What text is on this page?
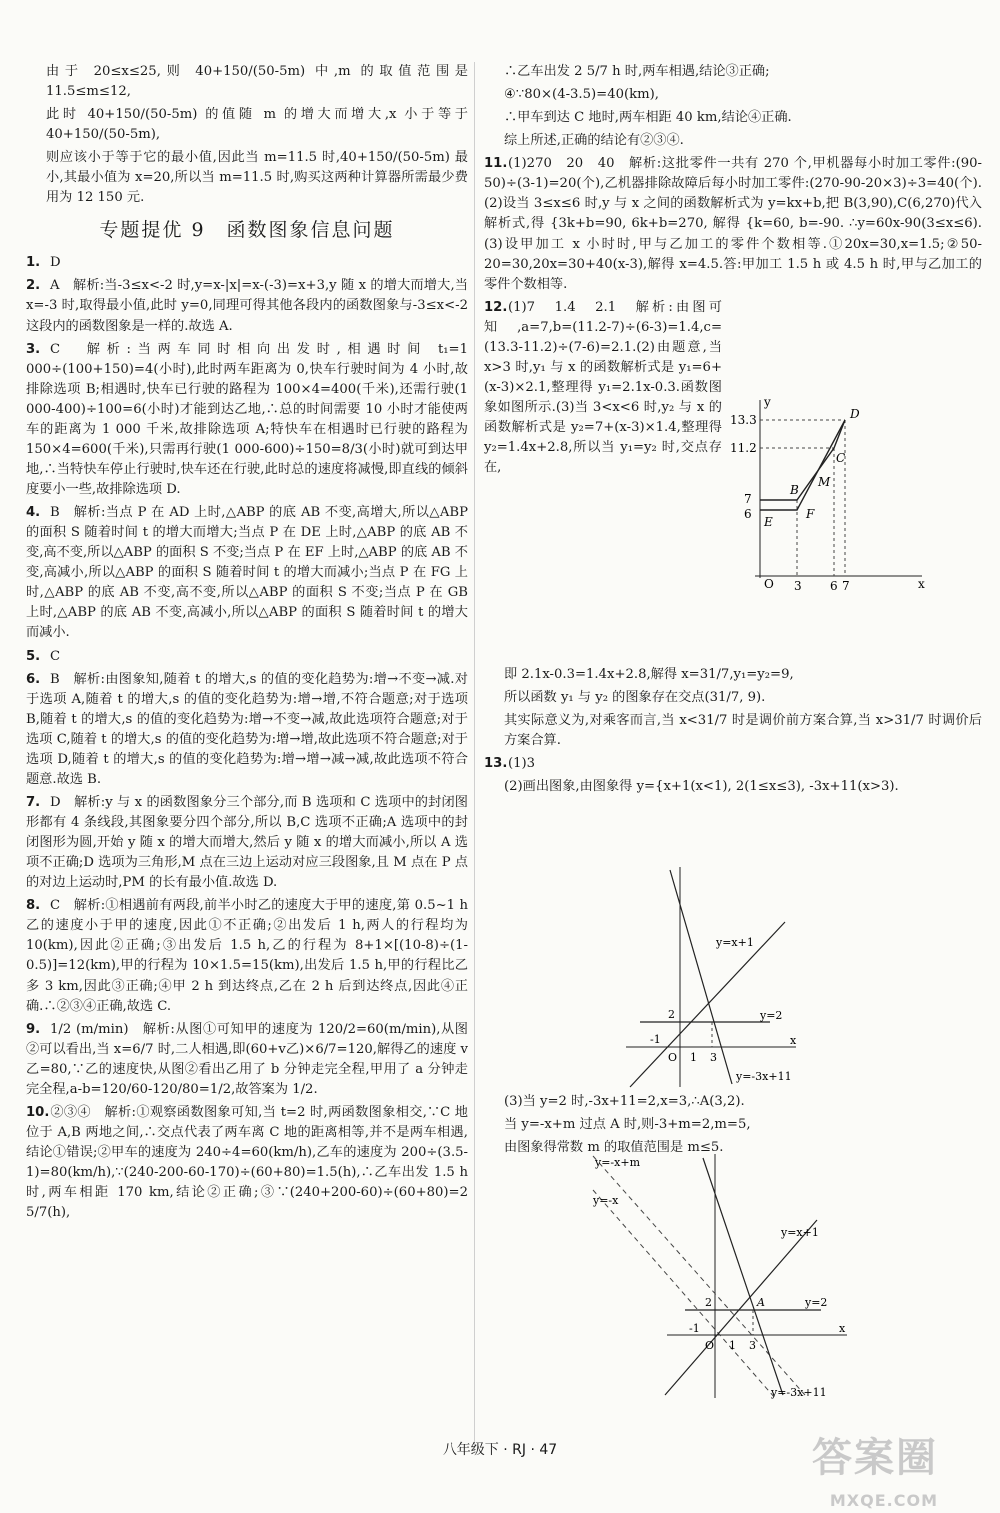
由于 20≤x≤25,则 40+150/(50-5m) 中,m 的取值范围是 11.5≤m≤12,

此时 40+150/(50-5m) 的值随 m 的增大而增大,x 小于等于 40+150/(50-5m),

则应该小于等于它的最小值,因此当 m=11.5 时,40+150/(50-5m) 最小,其最小值为 x=20,所以当 m=11.5 时,购买这两种计算器所需最少费用为 12 150 元.

专题提优 9　函数图象信息问题

1. D

2. A　解析:当-3≤x<-2 时,y=x-|x|=x-(-3)=x+3,y 随 x 的增大而增大,当 x=-3 时,取得最小值,此时 y=0,同理可得其他各段内的函数图象与-3≤x<-2 这段内的函数图象是一样的.故选 A.

3. C　解析:当两车同时相向出发时,相遇时间 t₁=1 000÷(100+150)=4(小时),此时两车距离为 0,快车行驶时间为 4 小时,故排除选项 B;相遇时,快车已行驶的路程为 100×4=400(千米),还需行驶(1 000-400)÷100=6(小时)才能到达乙地,∴总的时间需要 10 小时才能使两车的距离为 1 000 千米,故排除选项 A;特快车在相遇时已行驶的路程为 150×4=600(千米),只需再行驶(1 000-600)÷150=8/3(小时)就可到达甲地,∴当特快车停止行驶时,快车还在行驶,此时总的速度将减慢,即直线的倾斜度要小一些,故排除选项 D.

4. B　解析:当点 P 在 AD 上时,△ABP 的底 AB 不变,高增大,所以△ABP 的面积 S 随着时间 t 的增大而增大;当点 P 在 DE 上时,△ABP 的底 AB 不变,高不变,所以△ABP 的面积 S 不变;当点 P 在 EF 上时,△ABP 的底 AB 不变,高减小,所以△ABP 的面积 S 随着时间 t 的增大而减小;当点 P 在 FG 上时,△ABP 的底 AB 不变,高不变,所以△ABP 的面积 S 不变;当点 P 在 GB 上时,△ABP 的底 AB 不变,高减小,所以△ABP 的面积 S 随着时间 t 的增大而减小.

5. C

6. B　解析:由图象知,随着 t 的增大,s 的值的变化趋势为:增→不变→减.对于选项 A,随着 t 的增大,s 的值的变化趋势为:增→增,不符合题意;对于选项 B,随着 t 的增大,s 的值的变化趋势为:增→不变→减,故此选项符合题意;对于选项 C,随着 t 的增大,s 的值的变化趋势为:增→增,故此选项不符合题意;对于选项 D,随着 t 的增大,s 的值的变化趋势为:增→增→减→减,故此选项不符合题意.故选 B.

7. D　解析:y 与 x 的函数图象分三个部分,而 B 选项和 C 选项中的封闭图形都有 4 条线段,其图象要分四个部分,所以 B,C 选项不正确;A 选项中的封闭图形为圆,开始 y 随 x 的增大而增大,然后 y 随 x 的增大而减小,所以 A 选项不正确;D 选项为三角形,M 点在三边上运动对应三段图象,且 M 点在 P 点的对边上运动时,PM 的长有最小值.故选 D.

8. C　解析:①相遇前有两段,前半小时乙的速度大于甲的速度,第 0.5~1 h 乙的速度小于甲的速度,因此①不正确;②出发后 1 h,两人的行程均为 10(km),因此②正确;③出发后 1.5 h,乙的行程为 8+1×[(10-8)÷(1-0.5)]=12(km),甲的行程为 10×1.5=15(km),出发后 1.5 h,甲的行程比乙多 3 km,因此③正确;④甲 2 h 到达终点,乙在 2 h 后到达终点,因此④正确.∴②③④正确,故选 C.

9. 1/2 (m/min)　解析:从图①可知甲的速度为 120/2=60(m/min),从图②可以看出,当 x=6/7 时,二人相遇,即(60+v乙)×6/7=120,解得乙的速度 v乙=80,∵乙的速度快,从图②看出乙用了 b 分钟走完全程,甲用了 a 分钟走完全程,a-b=120/60-120/80=1/2,故答案为 1/2.

10.②③④　解析:①观察函数图象可知,当 t=2 时,两函数图象相交,∵C 地位于 A,B 两地之间,∴交点代表了两车离 C 地的距离相等,并不是两车相遇,结论①错误;②甲车的速度为 240÷4=60(km/h),乙车的速度为 200÷(3.5-1)=80(km/h),∵(240-200-60-170)÷(60+80)=1.5(h),∴乙车出发 1.5 h 时,两车相距 170 km,结论②正确;③∵(240+200-60)÷(60+80)=2 5/7(h),

∴乙车出发 2 5/7 h 时,两车相遇,结论③正确;

④∵80×(4-3.5)=40(km),

∴甲车到达 C 地时,两车相距 40 km,结论④正确.

综上所述,正确的结论有②③④.

11.(1)270　20　40　解析:这批零件一共有 270 个,甲机器每小时加工零件:(90-50)÷(3-1)=20(个),乙机器排除故障后每小时加工零件:(270-90-20×3)÷3=40(个).(2)设当 3≤x≤6 时,y 与 x 之间的函数解析式为 y=kx+b,把 B(3,90),C(6,270)代入解析式,得 {3k+b=90, 6k+b=270, 解得 {k=60, b=-90. ∴y=60x-90(3≤x≤6).(3)设甲加工 x 小时时,甲与乙加工的零件个数相等.①20x=30,x=1.5;②50-20=30,20x=30+40(x-3),解得 x=4.5.答:甲加工 1.5 h 或 4.5 h 时,甲与乙加工的零件个数相等.

12.(1)7　1.4　2.1　解析:由图可知,a=7,b=(11.2-7)÷(6-3)=1.4,c=(13.3-11.2)÷(7-6)=2.1.(2)由题意,当 x>3 时,y₁ 与 x 的函数解析式是 y₁=6+(x-3)×2.1,整理得 y₁=2.1x-0.3.函数图象如图所示.(3)当 3<x<6 时,y₂ 与 x 的函数解析式是 y₂=7+(x-3)×1.4,整理得 y₂=1.4x+2.8,所以当 y₁=y₂ 时,交点存在,

y
x
O
13.3
11.2
7
6
3 6 7
D
C
M
B
F
E

即 2.1x-0.3=1.4x+2.8,解得 x=31/7,y₁=y₂=9,

所以函数 y₁ 与 y₂ 的图象存在交点(31/7, 9).

其实际意义为,对乘客而言,当 x<31/7 时是调价前方案合算,当 x>31/7 时调价后方案合算.

13.(1)3

(2)画出图象,由图象得 y={x+1(x<1), 2(1≤x≤3), -3x+11(x>3).

y=x+1
y=2
y=-3x+11
2
-1
O 1 3
x

(3)当 y=2 时,-3x+11=2,x=3,∴A(3,2).

当 y=-x+m 过点 A 时,则-3+m=2,m=5,

由图象得常数 m 的取值范围是 m≤5.

y=-x+m
y=-x
y=x+1
y=2
y=-3x+11
A
2
-1
O 1 3
x
八年级下 · RJ · 47	答案圈
MXQE.COM
